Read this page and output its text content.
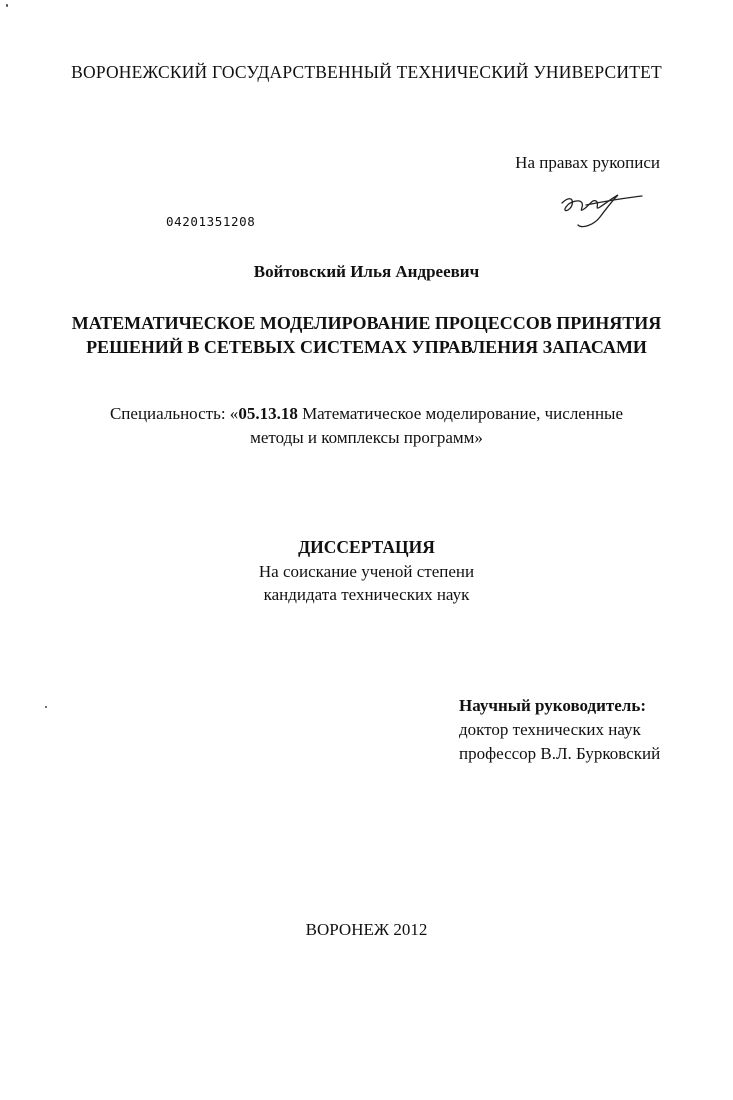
ВОРОНЕЖСКИЙ ГОСУДАРСТВЕННЫЙ ТЕХНИЧЕСКИЙ УНИВЕРСИТЕТ
На правах рукописи
04201351208
Войтовский Илья Андреевич
МАТЕМАТИЧЕСКОЕ МОДЕЛИРОВАНИЕ ПРОЦЕССОВ ПРИНЯТИЯ
РЕШЕНИЙ В СЕТЕВЫХ СИСТЕМАХ УПРАВЛЕНИЯ ЗАПАСАМИ
Специальность: «05.13.18 Математическое моделирование, численные
методы и комплексы программ»
ДИССЕРТАЦИЯ
На соискание ученой степени
кандидата технических наук
Научный руководитель:
доктор технических наук
профессор В.Л. Бурковский
ВОРОНЕЖ 2012
